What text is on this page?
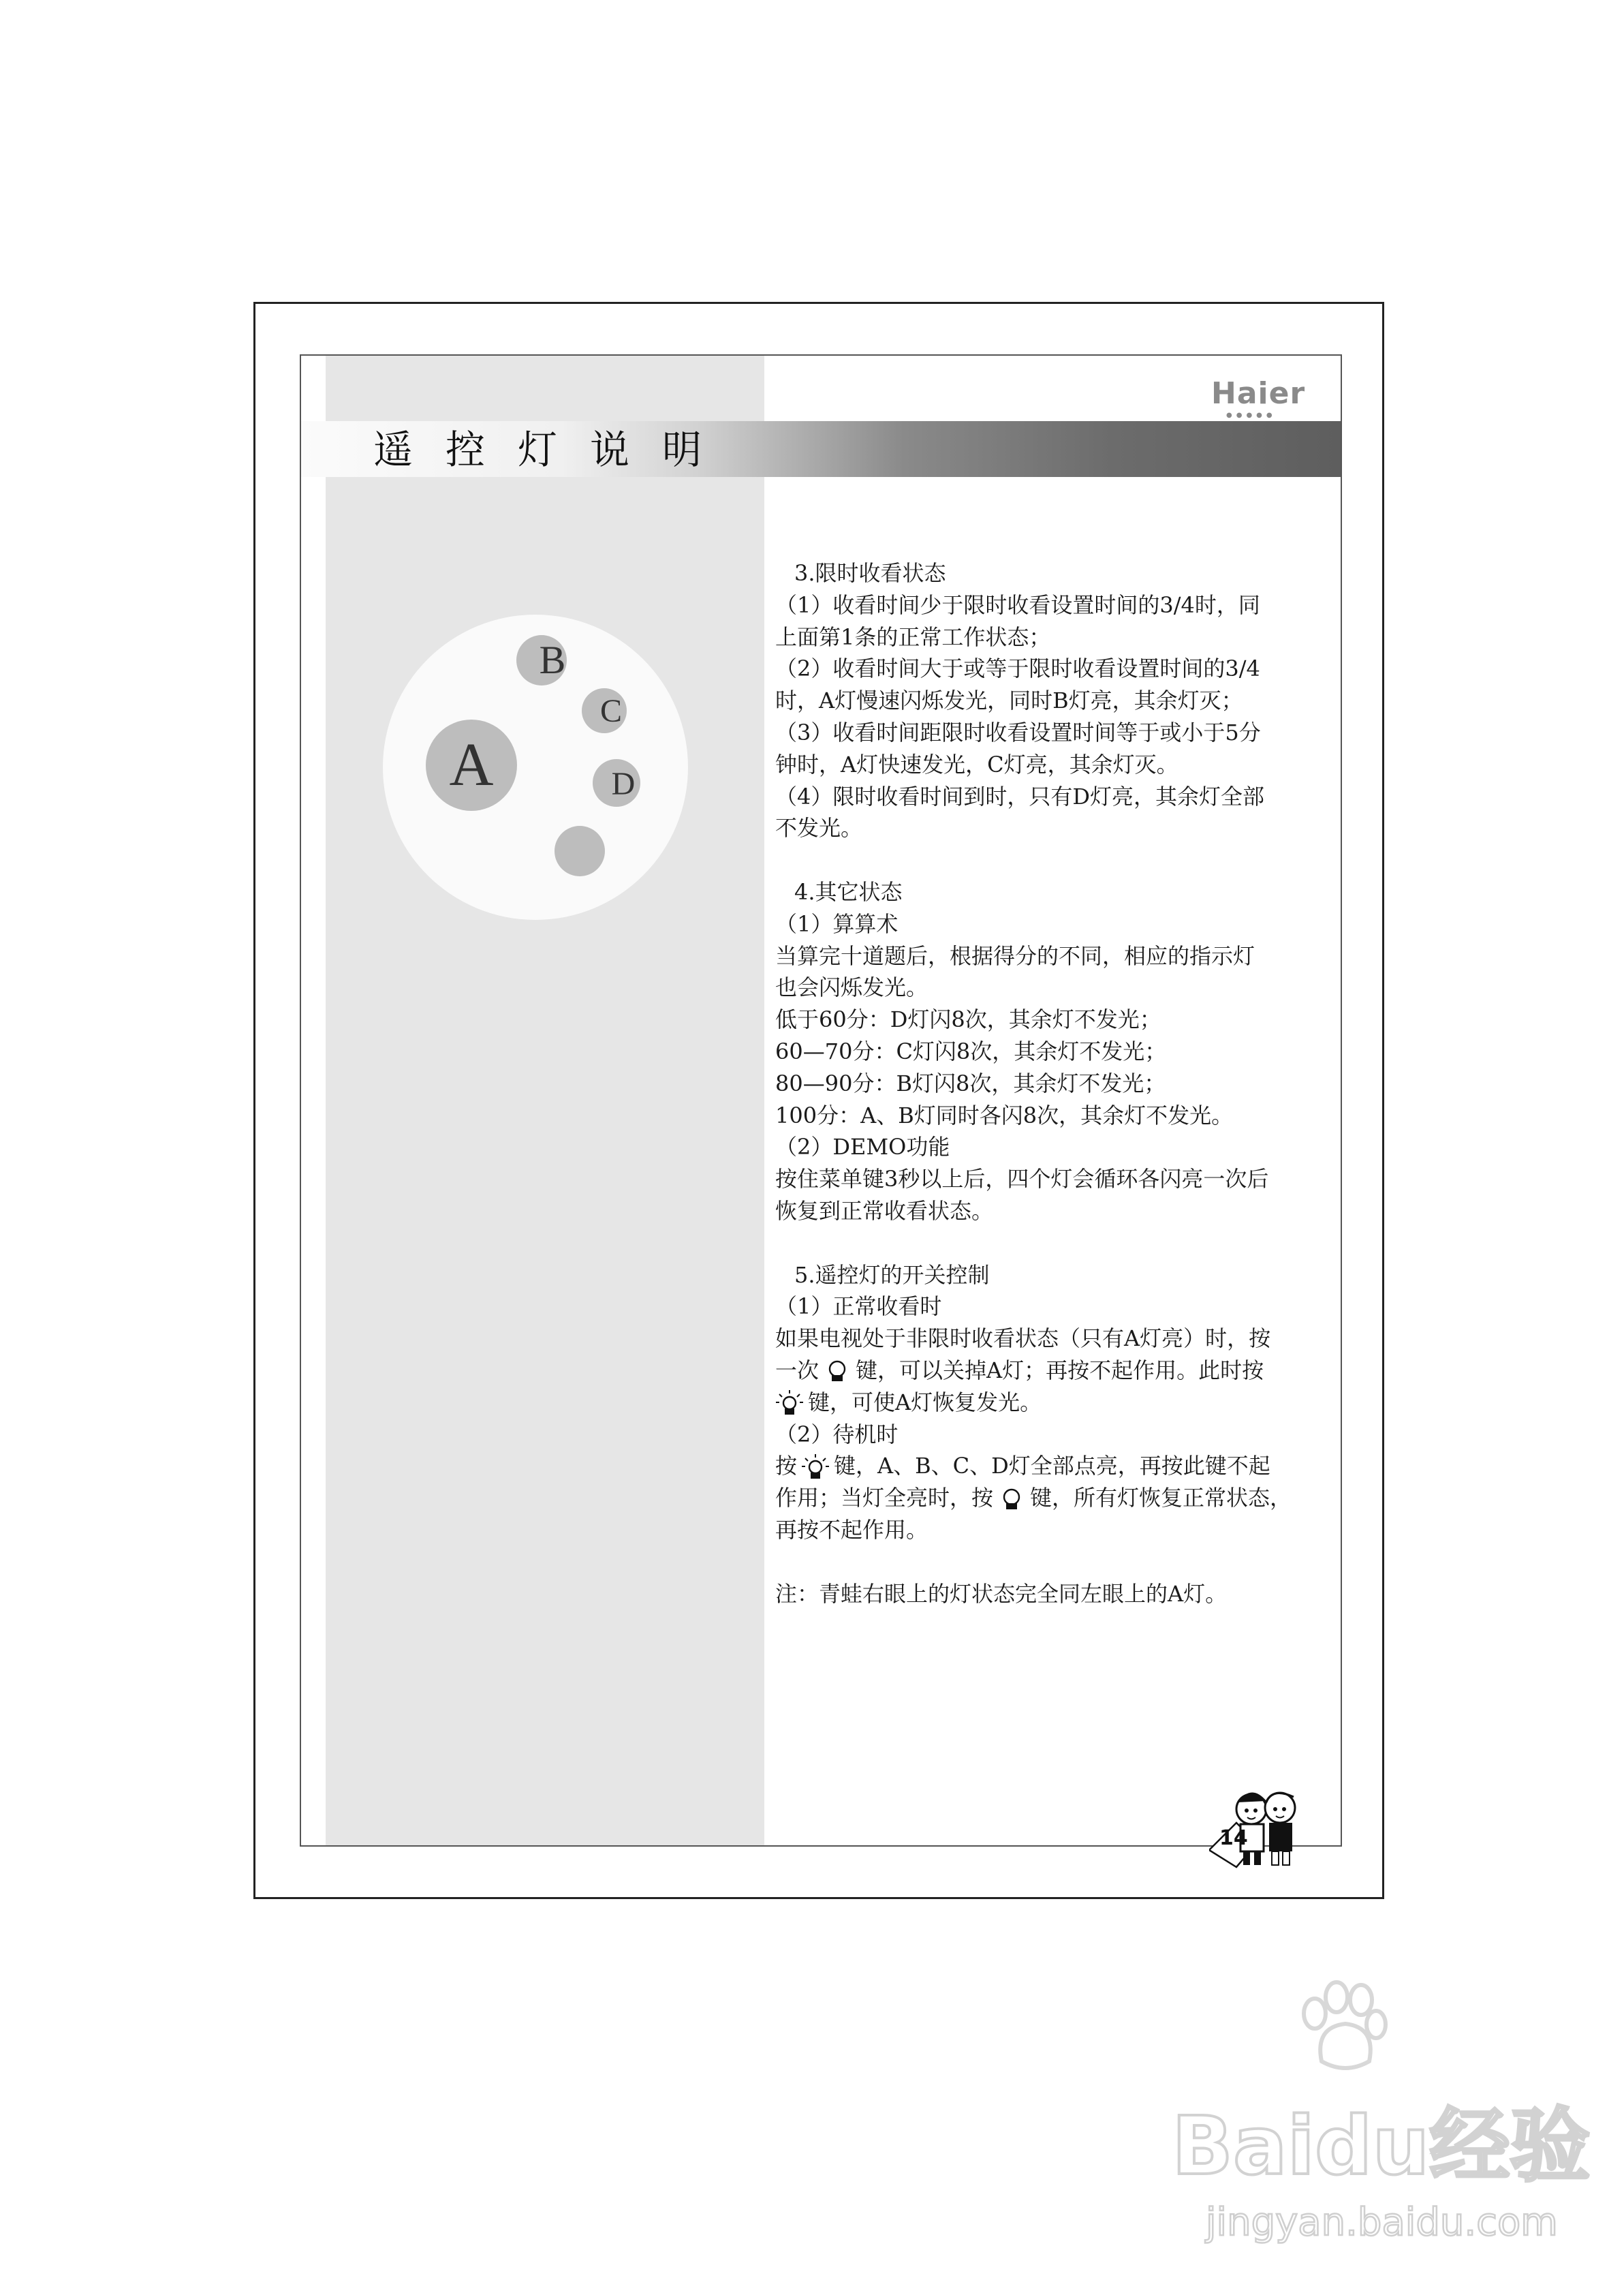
遥控灯说明
Haier
●●●●●
A
B
C
D
3.限时收看状态
（1）收看时间少于限时收看设置时间的3/4时，同
上面第1条的正常工作状态；
（2）收看时间大于或等于限时收看设置时间的3/4
时，A灯慢速闪烁发光，同时B灯亮，其余灯灭；
（3）收看时间距限时收看设置时间等于或小于5分
钟时，A灯快速发光，C灯亮，其余灯灭。
（4）限时收看时间到时，只有D灯亮，其余灯全部
不发光。
4.其它状态
（1）算算术
当算完十道题后，根据得分的不同，相应的指示灯
也会闪烁发光。
低于60分：D灯闪8次，其余灯不发光；
60—70分：C灯闪8次，其余灯不发光；
80—90分：B灯闪8次，其余灯不发光；
100分：A、B灯同时各闪8次，其余灯不发光。
（2）DEMO功能
按住菜单键3秒以上后，四个灯会循环各闪亮一次后
恢复到正常收看状态。
5.遥控灯的开关控制
（1）正常收看时
如果电视处于非限时收看状态（只有A灯亮）时，按
一次 键，可以关掉A灯；再按不起作用。此时按
键，可使A灯恢复发光。
（2）待机时
按 键，A、B、C、D灯全部点亮，再按此键不起
作用；当灯全亮时，按 键，所有灯恢复正常状态，
再按不起作用。
注：青蛙右眼上的灯状态完全同左眼上的A灯。
14
Baidu经验
jingyan.baidu.com
